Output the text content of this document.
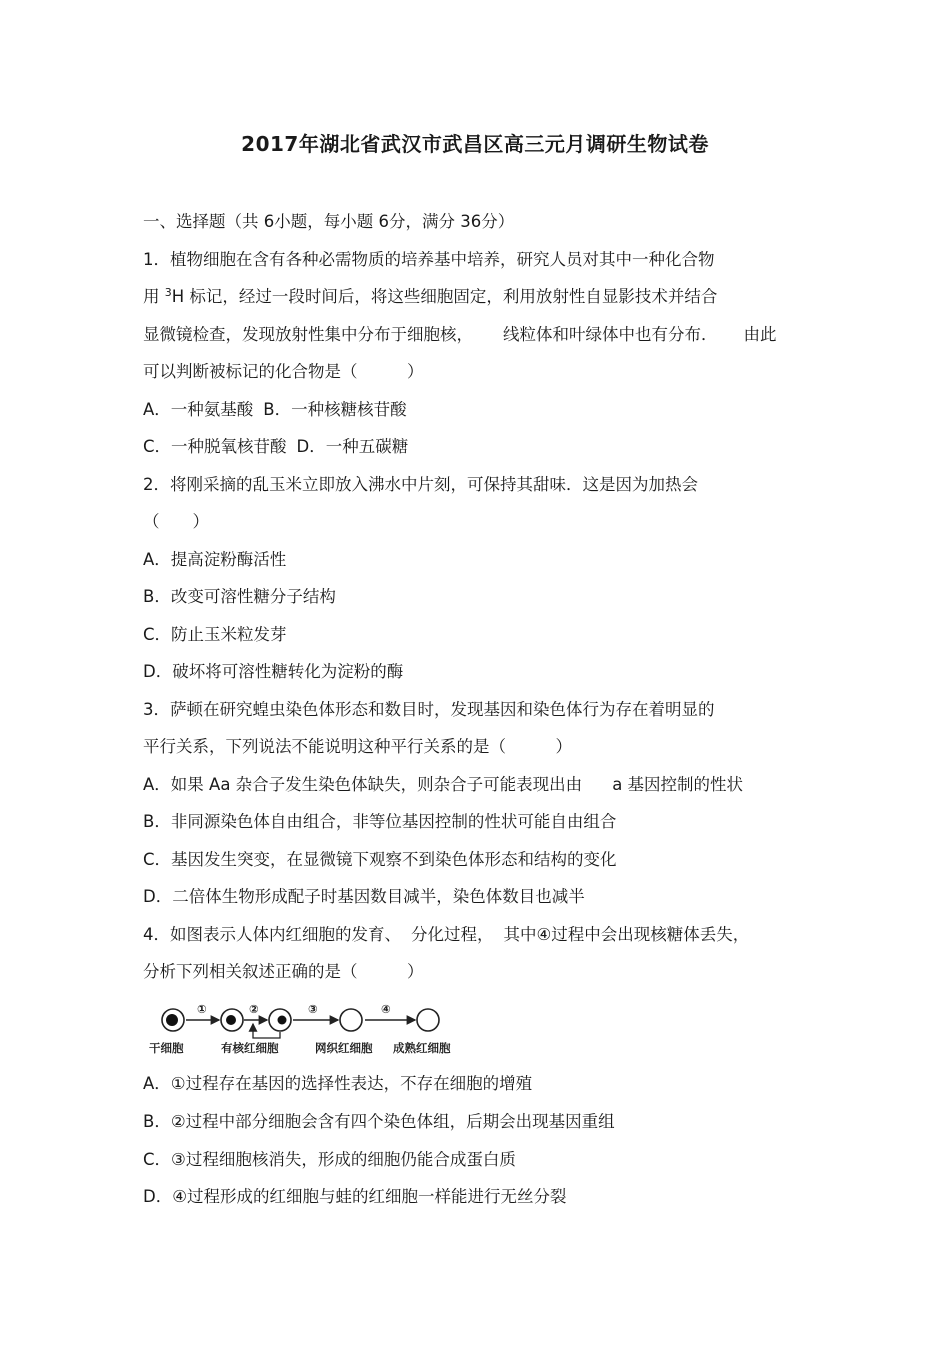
2017年湖北省武汉市武昌区高三元月调研生物试卷
一、选择题（共 6小题，每小题 6分，满分 36分）
1．植物细胞在含有各种必需物质的培养基中培养，研究人员对其中一种化合物
用 $^3$H 标记，经过一段时间后，将这些细胞固定，利用放射性自显影技术并结合
显微镜检查，发现放射性集中分布于细胞核， 线粒体和叶绿体中也有分布． 由此
可以判断被标记的化合物是（　　　）
A．一种氨基酸 B．一种核糖核苷酸
C．一种脱氧核苷酸 D．一种五碳糖
2．将刚采摘的乱玉米立即放入沸水中片刻，可保持其甜味．这是因为加热会
（　　）
A．提高淀粉酶活性
B．改变可溶性糖分子结构
C．防止玉米粒发芽
D．破坏将可溶性糖转化为淀粉的酶
3．萨顿在研究蝗虫染色体形态和数目时，发现基因和染色体行为存在着明显的
平行关系，下列说法不能说明这种平行关系的是（　　　）
A．如果 Aa 杂合子发生染色体缺失，则杂合子可能表现出由 a 基因控制的性状
B．非同源染色体自由组合，非等位基因控制的性状可能自由组合
C．基因发生突变，在显微镜下观察不到染色体形态和结构的变化
D．二倍体生物形成配子时基因数目减半，染色体数目也减半
4．如图表示人体内红细胞的发育、 分化过程， 其中④过程中会出现核糖体丢失，
分析下列相关叙述正确的是（　　　）
①	②	③	④
干细胞	有核红细胞	网织红细胞 成熟红细胞
A．①过程存在基因的选择性表达，不存在细胞的增殖
B．②过程中部分细胞会含有四个染色体组，后期会出现基因重组
C．③过程细胞核消失，形成的细胞仍能合成蛋白质
D．④过程形成的红细胞与蛙的红细胞一样能进行无丝分裂
